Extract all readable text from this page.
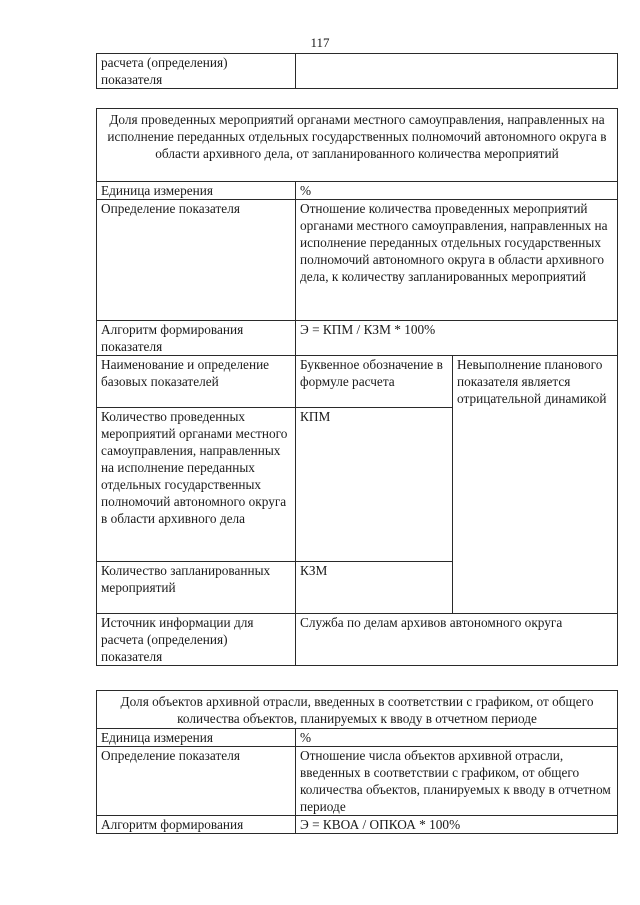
117
расчета (определения) показателя	
Доля проведенных мероприятий органами местного самоуправления, направленных на исполнение переданных отдельных государственных полномочий автономного округа в области архивного дела, от запланированного количества мероприятий		
Единица измерения	%	
Определение показателя	Отношение количества проведенных мероприятий органами местного самоуправления, направленных на исполнение переданных отдельных государственных полномочий автономного округа в области архивного дела, к количеству запланированных мероприятий	
Алгоритм формирования показателя	Э = КПМ / КЗМ * 100%	
Наименование и определение базовых показателей	Буквенное обозначение в формуле расчета	Невыполнение планового показателя является отрицательной динамикой
Количество проведенных мероприятий органами местного самоуправления, направленных на исполнение переданных отдельных государственных полномочий автономного округа в области архивного дела	КПМ	
Количество запланированных мероприятий	КЗМ	
Источник информации для расчета (определения) показателя	Служба по делам архивов автономного округа	
Доля объектов архивной отрасли, введенных в соответствии с графиком, от общего количества объектов, планируемых к вводу в отчетном периоде	
Единица измерения	%
Определение показателя	Отношение числа объектов архивной отрасли, введенных в соответствии с графиком, от общего количества объектов, планируемых к вводу в отчетном периоде
Алгоритм формирования	Э = КВОА / ОПКОА * 100%
